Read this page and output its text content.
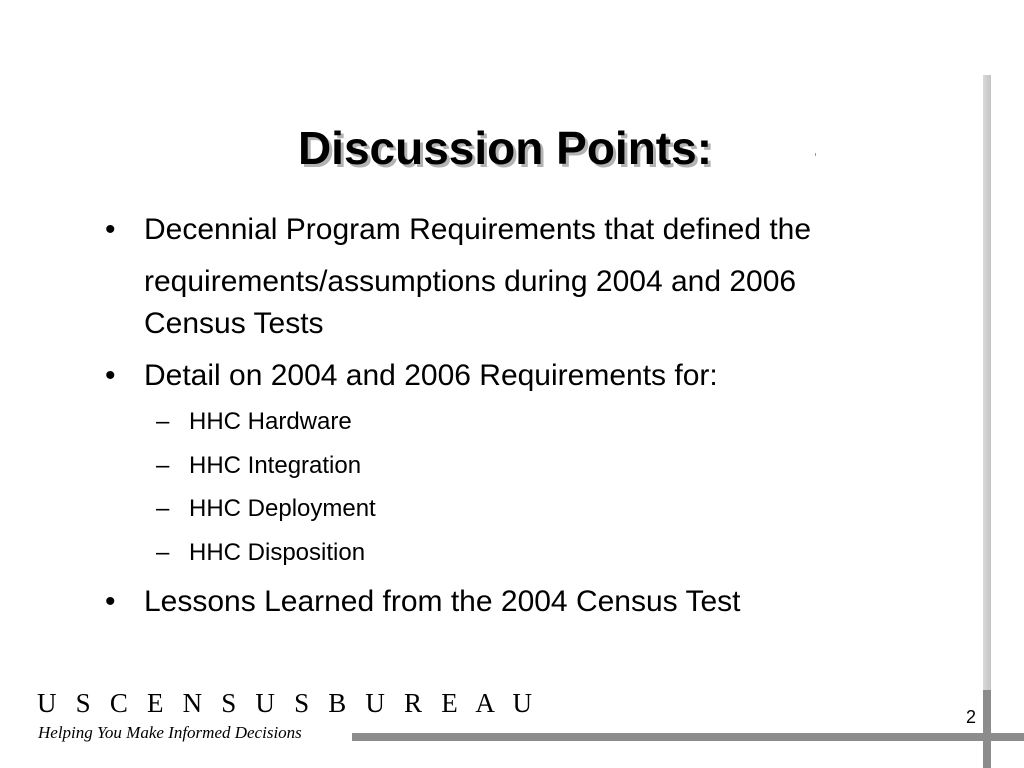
Discussion Points:
• Decennial Program Requirements that defined the
requirements/assumptions during 2004 and 2006
Census Tests
• Detail on 2004 and 2006 Requirements for:
– HHC Hardware
– HHC Integration
– HHC Deployment
– HHC Disposition
• Lessons Learned from the 2004 Census Test
U S C E N S U S B U R E A U
Helping You Make Informed Decisions
2
